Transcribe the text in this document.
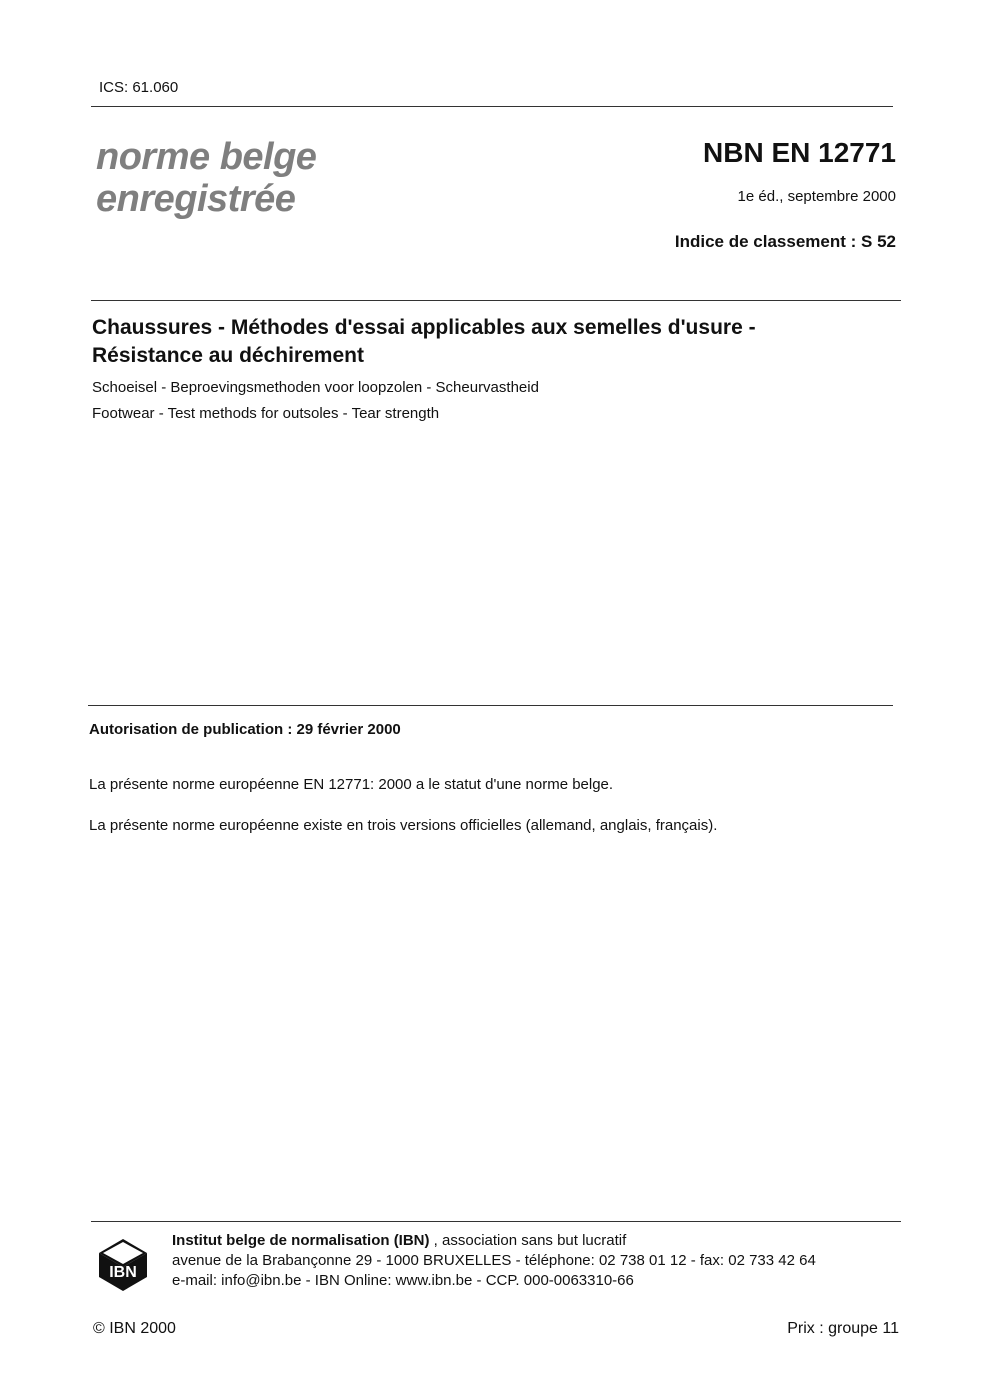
ICS: 61.060
norme belge
enregistrée
NBN EN 12771
1e éd., septembre 2000
Indice de classement : S 52
Chaussures - Méthodes d'essai applicables aux semelles d'usure -
Résistance au déchirement
Schoeisel - Beproevingsmethoden voor loopzolen - Scheurvastheid
Footwear - Test methods for outsoles - Tear strength
Autorisation de publication : 29 février 2000
La présente norme européenne EN 12771: 2000 a le statut d'une norme belge.
La présente norme européenne existe en trois versions officielles (allemand, anglais, français).
IBN
Institut belge de normalisation (IBN) , association sans but lucratif
avenue de la Brabançonne 29 - 1000 BRUXELLES - téléphone: 02 738 01 12 - fax: 02 733 42 64
e-mail: info@ibn.be - IBN Online: www.ibn.be - CCP. 000-0063310-66
© IBN 2000	Prix : groupe 11
